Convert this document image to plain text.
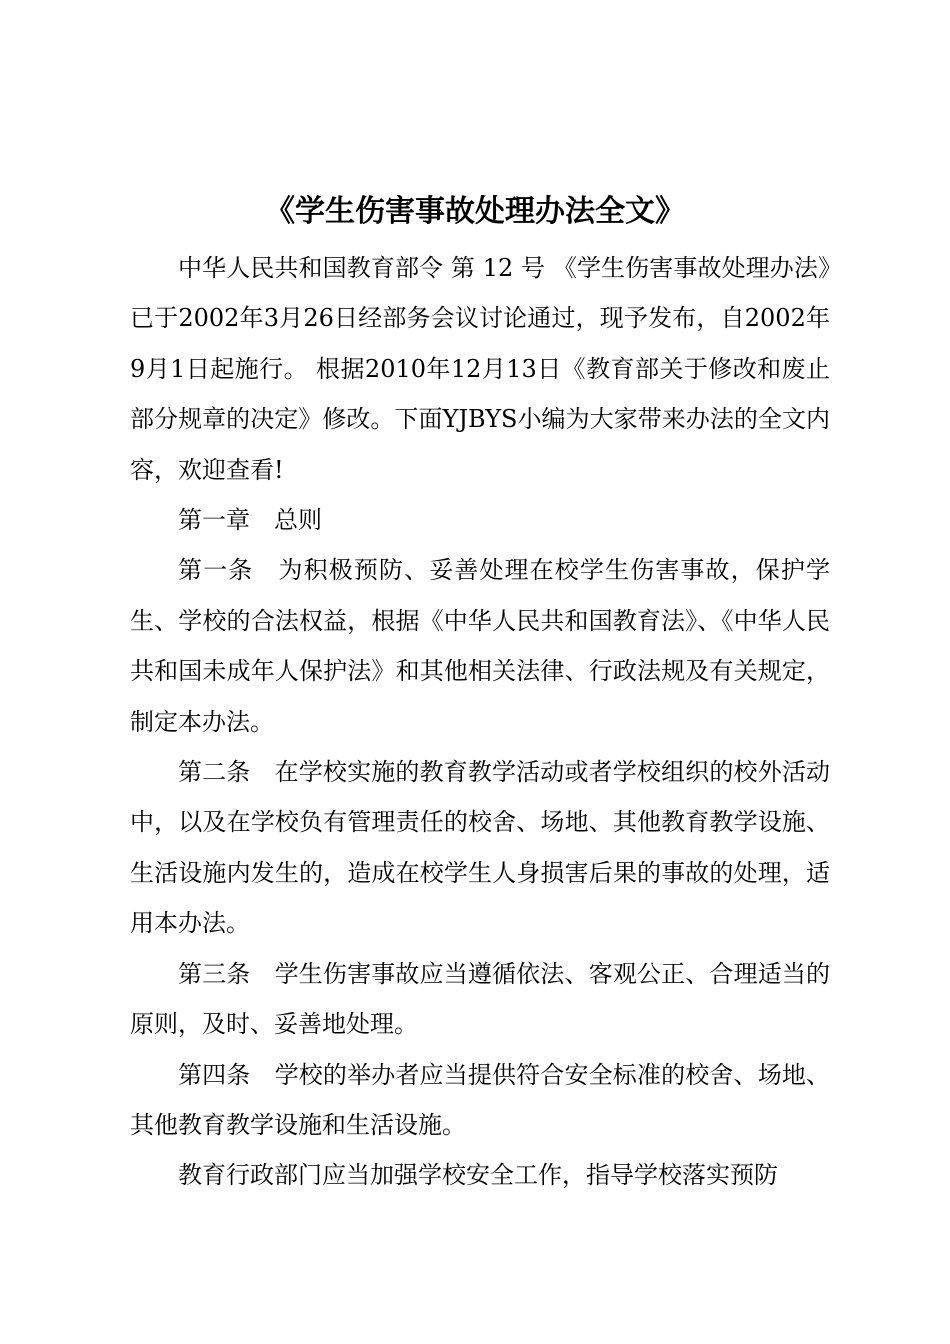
《学生伤害事故处理办法全文》

中华人民共和国教育部令 第 12 号 《学生伤害事故处理办法》已于2002年3月26日经部务会议讨论通过，现予发布，自2002年9月1日起施行。 根据2010年12月13日《教育部关于修改和废止部分规章的决定》修改。下面YJBYS小编为大家带来办法的全文内容，欢迎查看!

第一章　总则

第一条　为积极预防、妥善处理在校学生伤害事故，保护学生、学校的合法权益，根据《中华人民共和国教育法》、《中华人民共和国未成年人保护法》和其他相关法律、行政法规及有关规定，制定本办法。

第二条　在学校实施的教育教学活动或者学校组织的校外活动中，以及在学校负有管理责任的校舍、场地、其他教育教学设施、生活设施内发生的，造成在校学生人身损害后果的事故的处理，适用本办法。

第三条　学生伤害事故应当遵循依法、客观公正、合理适当的原则，及时、妥善地处理。

第四条　学校的举办者应当提供符合安全标准的校舍、场地、其他教育教学设施和生活设施。

教育行政部门应当加强学校安全工作，指导学校落实预防
